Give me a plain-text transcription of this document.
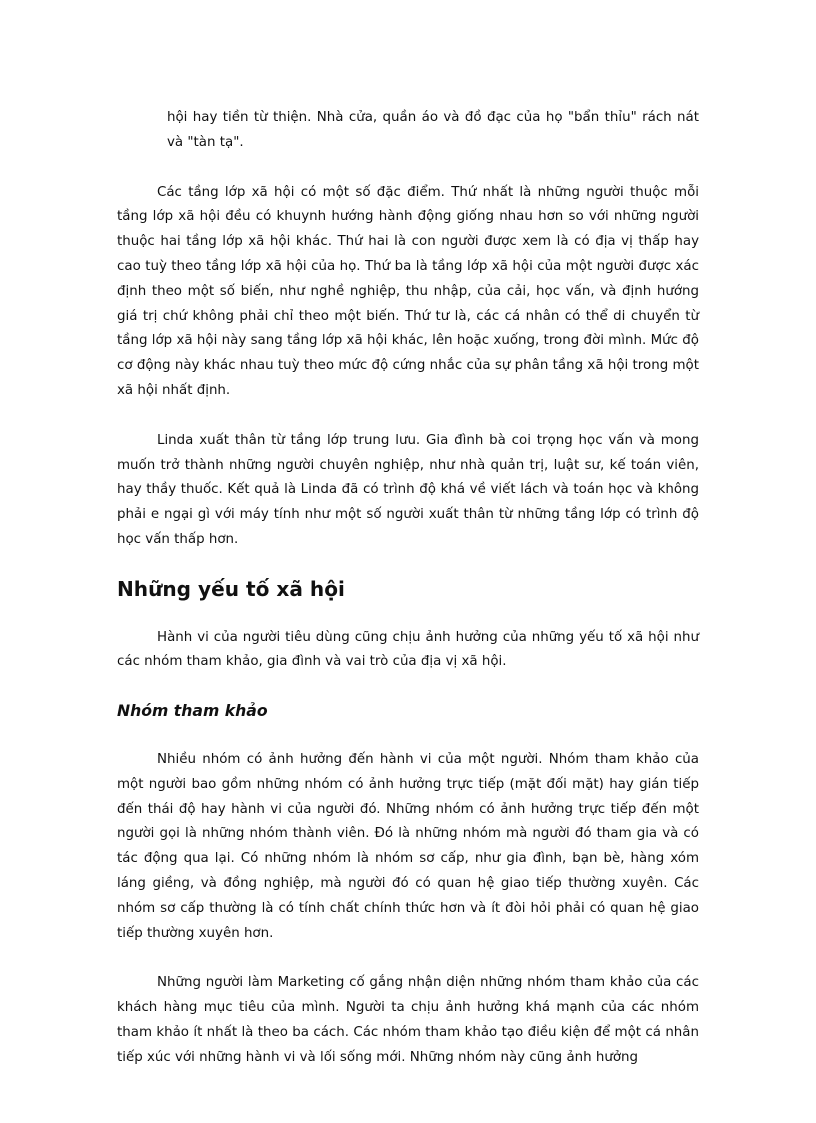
hội hay tiền từ thiện. Nhà cửa, quần áo và đồ đạc của họ "bẩn thỉu" rách nát và "tàn tạ".

Các tầng lớp xã hội có một số đặc điểm. Thứ nhất là những người thuộc mỗi tầng lớp xã hội đều có khuynh hướng hành động giống nhau hơn so với những người thuộc hai tầng lớp xã hội khác. Thứ hai là con người được xem là có địa vị thấp hay cao tuỳ theo tầng lớp xã hội của họ. Thứ ba là tầng lớp xã hội của một người được xác định theo một số biến, như nghề nghiệp, thu nhập, của cải, học vấn, và định hướng giá trị chứ không phải chỉ theo một biến. Thứ tư là, các cá nhân có thể di chuyển từ tầng lớp xã hội này sang tầng lớp xã hội khác, lên hoặc xuống, trong đời mình. Mức độ cơ động này khác nhau tuỳ theo mức độ cứng nhắc của sự phân tầng xã hội trong một xã hội nhất định.

Linda xuất thân từ tầng lớp trung lưu. Gia đình bà coi trọng học vấn và mong muốn trở thành những người chuyên nghiệp, như nhà quản trị, luật sư, kế toán viên, hay thầy thuốc. Kết quả là Linda đã có trình độ khá về viết lách và toán học và không phải e ngại gì với máy tính như một số người xuất thân từ những tầng lớp có trình độ học vấn thấp hơn.

Những yếu tố xã hội

Hành vi của người tiêu dùng cũng chịu ảnh hưởng của những yếu tố xã hội như các nhóm tham khảo, gia đình và vai trò của địa vị xã hội.

Nhóm tham khảo

Nhiều nhóm có ảnh hưởng đến hành vi của một người. Nhóm tham khảo của một người bao gồm những nhóm có ảnh hưởng trực tiếp (mặt đối mặt) hay gián tiếp đến thái độ hay hành vi của người đó. Những nhóm có ảnh hưởng trực tiếp đến một người gọi là những nhóm thành viên. Đó là những nhóm mà người đó tham gia và có tác động qua lại. Có những nhóm là nhóm sơ cấp, như gia đình, bạn bè, hàng xóm láng giềng, và đồng nghiệp, mà người đó có quan hệ giao tiếp thường xuyên. Các nhóm sơ cấp thường là có tính chất chính thức hơn và ít đòi hỏi phải có quan hệ giao tiếp thường xuyên hơn.

Những người làm Marketing cố gắng nhận diện những nhóm tham khảo của các khách hàng mục tiêu của mình. Người ta chịu ảnh hưởng khá mạnh của các nhóm tham khảo ít nhất là theo ba cách. Các nhóm tham khảo tạo điều kiện để một cá nhân tiếp xúc với những hành vi và lối sống mới. Những nhóm này cũng ảnh hưởng
